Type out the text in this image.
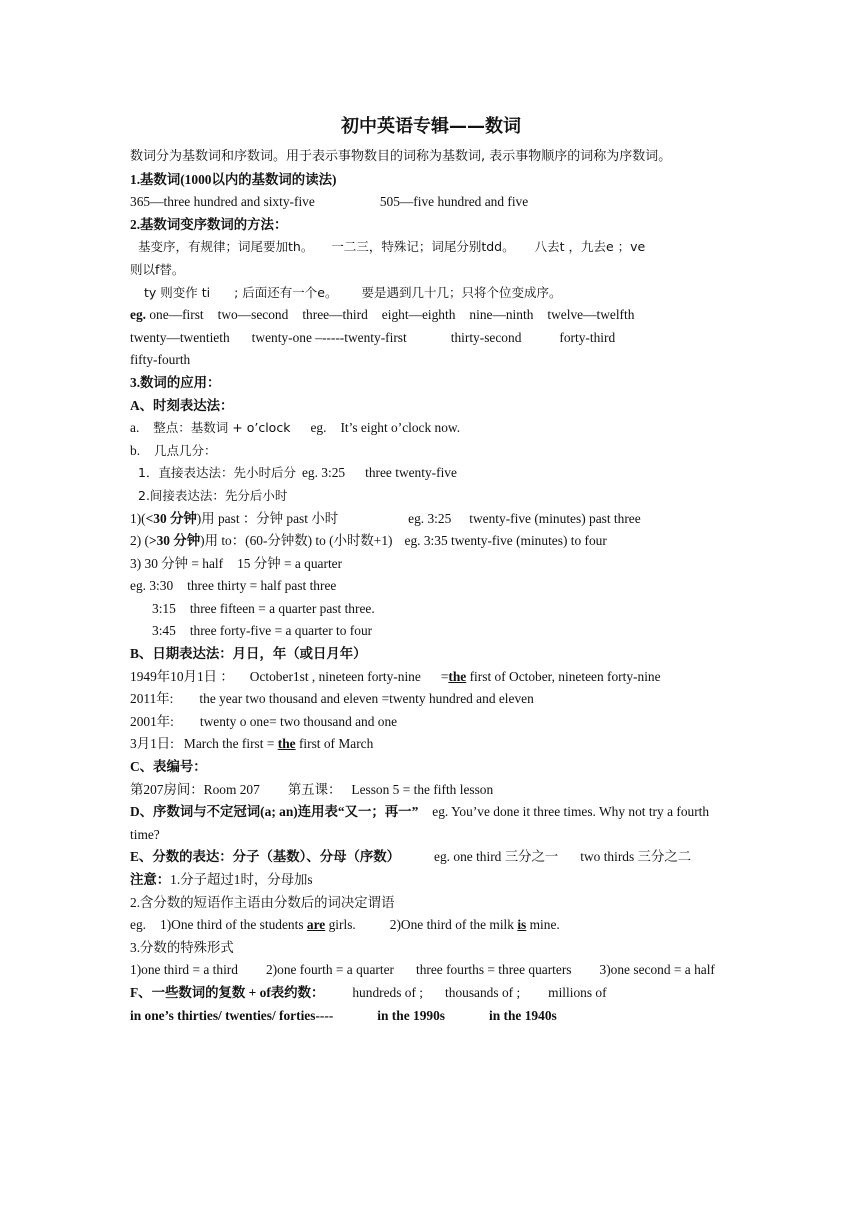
初中英语专辑——数词
数词分为基数词和序数词。用于表示事物数目的词称为基数词, 表示事物顺序的词称为序数词。
1.基数词(1000以内的基数词的读法)
365—three hundred and sixty-five	505—five hundred and five
2.基数词变序数词的方法：
基变序，有规律；词尾要加th。 一二三，特殊记；词尾分别tdd。 八去t ，九去e ；ve
则以f替。
ty 则变作 ti ; 后面还有一个e。 要是遇到几十几；只将个位变成序。
eg. one—first two—second three—third eight—eighth nine—ninth twelve—twelfth
twenty—twentieth twenty-one –-----twenty-first	thirty-second	forty-third
fifty-fourth
3.数词的应用：
A、时刻表达法：
a. 整点：基数词 + o’clock eg. It’s eight o’clock now.
b. 几点几分：
1．直接表达法：先小时后分 eg. 3:25 three twenty-five
2.间接表达法：先分后小时
1)(<30 分钟)用 past ：分钟 past 小时	eg. 3:25 twenty-five (minutes) past three
2) (>30 分钟)用 to：(60-分钟数) to (小时数+1) eg. 3:35 twenty-five (minutes) to four
3) 30 分钟 = half 15 分钟 = a quarter
eg. 3:30 three thirty = half past three
3:15 three fifteen = a quarter past three.
3:45 three forty-five = a quarter to four
B、日期表达法：月日，年（或日月年）
1949年10月1日 ： October1st , nineteen forty-nine =the first of October, nineteen forty-nine
2011年: the year two thousand and eleven =twenty hundred and eleven
2001年: twenty o one= two thousand and one
3月1日: March the first = the first of March
C、表编号：
第207房间：Room 207 第五课： Lesson 5 = the fifth lesson
D、序数词与不定冠词(a; an)连用表“又一；再一” eg. You’ve done it three times. Why not try a fourth time?
E、分数的表达：分子（基数）、分母（序数）	eg. one third 三分之一 two thirds 三分之二
注意：1.分子超过1时，分母加s
2.含分数的短语作主语由分数后的词决定谓语
eg. 1)One third of the students are girls.	2)One third of the milk is mine.
3.分数的特殊形式
1)one third = a third 2)one fourth = a quarter three fourths = three quarters 3)one second = a half
F、一些数词的复数 + of表约数： hundreds of ; thousands of ; millions of
in one’s thirties/ twenties/ forties----	in the 1990s	in the 1940s
